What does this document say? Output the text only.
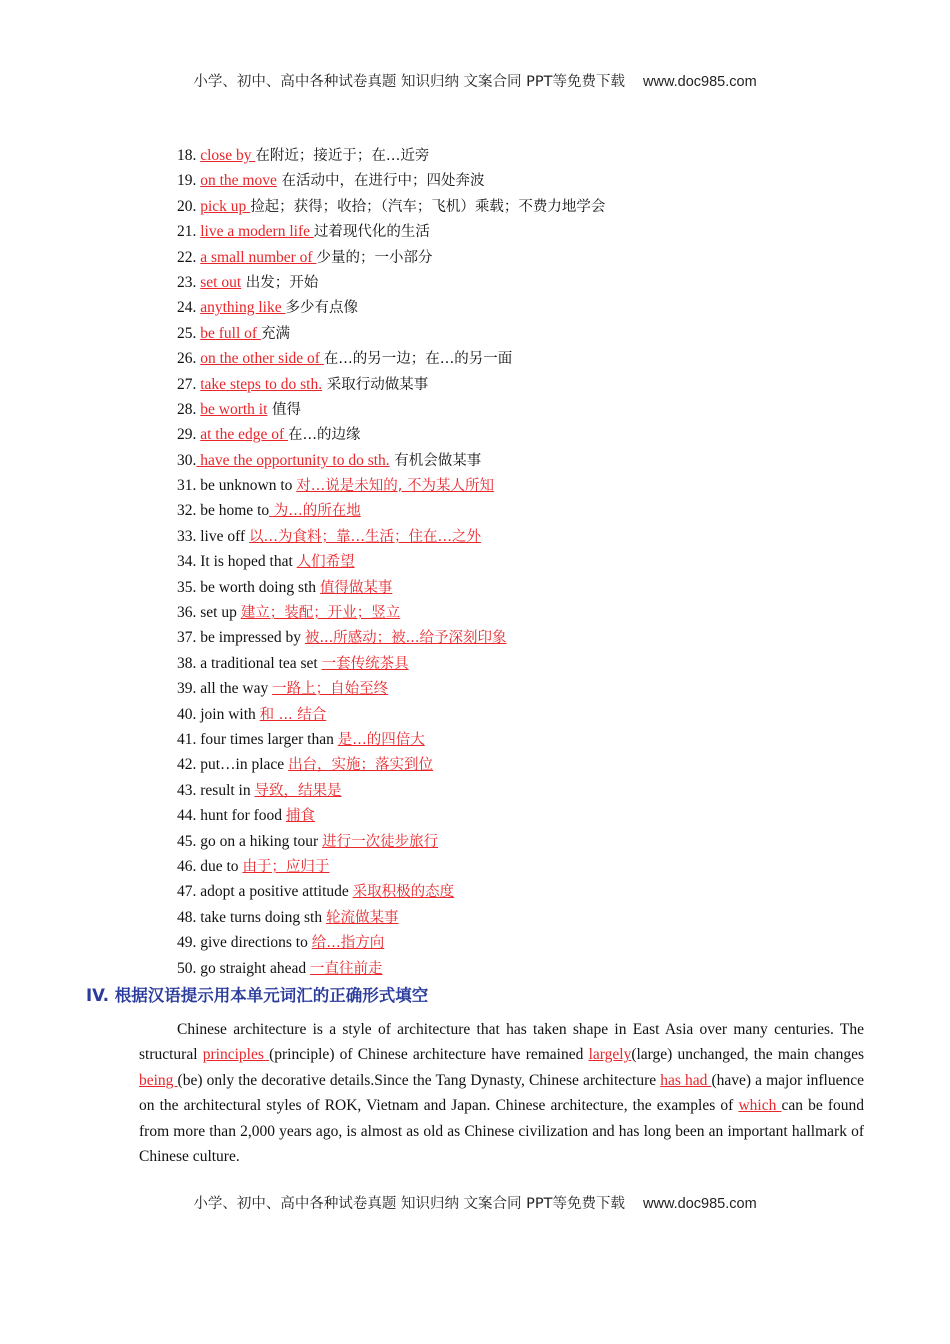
小学、初中、高中各种试卷真题 知识归纳 文案合同 PPT等免费下载 www.doc985.com
18. close by 在附近；接近于；在…近旁
19. on the move 在活动中，在进行中；四处奔波
20. pick up 捡起；获得；收拾；（汽车；飞机）乘载；不费力地学会
21. live a modern life 过着现代化的生活
22. a small number of 少量的；一小部分
23. set out 出发；开始
24. anything like 多少有点像
25. be full of 充满
26. on the other side of 在…的另一边；在…的另一面
27. take steps to do sth. 采取行动做某事
28. be worth it 值得
29. at the edge of 在…的边缘
30. have the opportunity to do sth. 有机会做某事
31. be unknown to 对…说是未知的, 不为某人所知
32. be home to 为…的所在地
33. live off 以…为食料；靠…生活；住在…之外
34. It is hoped that 人们希望
35. be worth doing sth 值得做某事
36. set up 建立；装配；开业；竖立
37. be impressed by 被...所感动；被...给予深刻印象
38. a traditional tea set 一套传统茶具
39. all the way 一路上；自始至终
40. join with 和 ... 结合
41. four times larger than 是…的四倍大
42. put…in place 出台，实施；落实到位
43. result in 导致，结果是
44. hunt for food 捕食
45. go on a hiking tour 进行一次徒步旅行
46. due to 由于；应归于
47. adopt a positive attitude 采取积极的态度
48. take turns doing sth 轮流做某事
49. give directions to 给…指方向
50. go straight ahead 一直往前走
IV. 根据汉语提示用本单元词汇的正确形式填空

Chinese architecture is a style of architecture that has taken shape in East Asia over many centuries. The structural principles (principle) of Chinese architecture have remained largely(large) unchanged, the main changes being (be) only the decorative details.Since the Tang Dynasty, Chinese architecture has had (have) a major influence on the architectural styles of ROK, Vietnam and Japan. Chinese architecture, the examples of which can be found from more than 2,000 years ago, is almost as old as Chinese civilization and has long been an important hallmark of Chinese culture.

小学、初中、高中各种试卷真题 知识归纳 文案合同 PPT等免费下载 www.doc985.com
